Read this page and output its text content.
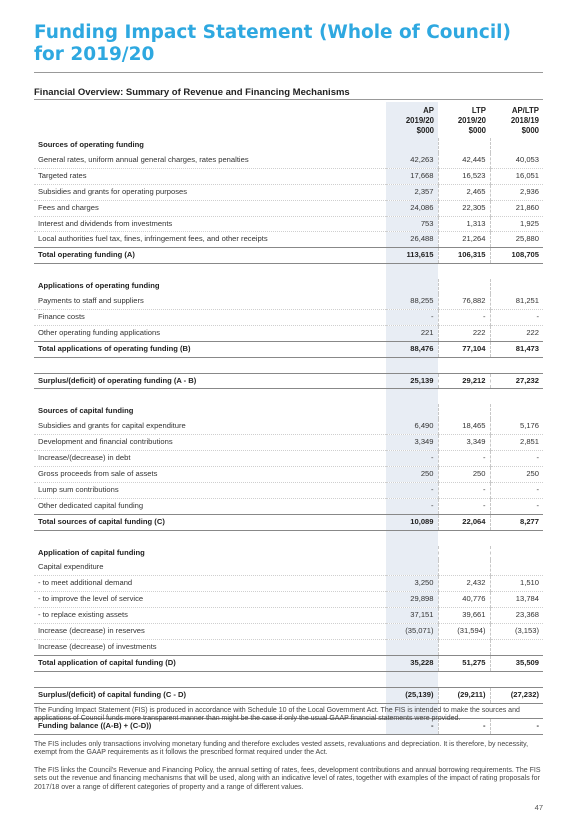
Funding Impact Statement (Whole of Council)
for 2019/20

Financial Overview: Summary of Revenue and Financing Mechanisms

	AP
2019/20
$000	LTP
2019/20
$000	AP/LTP
2018/19
$000
Sources of operating funding			
General rates, uniform annual general charges, rates penalties	42,263	42,445	40,053
Targeted rates	17,668	16,523	16,051
Subsidies and grants for operating purposes	2,357	2,465	2,936
Fees and charges	24,086	22,305	21,860
Interest and dividends from investments	753	1,313	1,925
Local authorities fuel tax, fines, infringement fees, and other receipts	26,488	21,264	25,880
Total operating funding (A)	113,615	106,315	108,705

Applications of operating funding			
Payments to staff and suppliers	88,255	76,882	81,251
Finance costs	-	-	-
Other operating funding applications	221	222	222
Total applications of operating funding (B)	88,476	77,104	81,473

Surplus/(deficit) of operating funding (A - B)	25,139	29,212	27,232

Sources of capital funding			
Subsidies and grants for capital expenditure	6,490	18,465	5,176
Development and financial contributions	3,349	3,349	2,851
Increase/(decrease) in debt	-	-	-
Gross proceeds from sale of assets	250	250	250
Lump sum contributions	-	-	-
Other dedicated capital funding	-	-	-
Total sources of capital funding (C)	10,089	22,064	8,277

Application of capital funding			
Capital expenditure			
- to meet additional demand	3,250	2,432	1,510
- to improve the level of service	29,898	40,776	13,784
- to replace existing assets	37,151	39,661	23,368
Increase (decrease) in reserves	(35,071)	(31,594)	(3,153)
Increase (decrease) of investments			
Total application of capital funding (D)	35,228	51,275	35,509

Surplus/(deficit) of capital funding (C - D)	(25,139)	(29,211)	(27,232)

Funding balance ((A-B) + (C-D))	-	-	-

The Funding Impact Statement (FIS) is produced in accordance with Schedule 10 of the Local Government Act. The FIS is intended to make the sources and applications of Council funds more transparent manner than might be the case if only the usual GAAP financial statements were provided.

The FIS includes only transactions involving monetary funding and therefore excludes vested assets, revaluations and depreciation. It is therefore, by necessity, exempt from the GAAP requirements as it follows the prescribed format required under the Act.

The FIS links the Council's Revenue and Financing Policy, the annual setting of rates, fees, development contributions and annual borrowing requirements. The FIS sets out the revenue and financing mechanisms that will be used, along with an indicative level of rates, together with examples of the impact of rating proposals for 2017/18 over a range of different categories of property and a range of different values.

47
